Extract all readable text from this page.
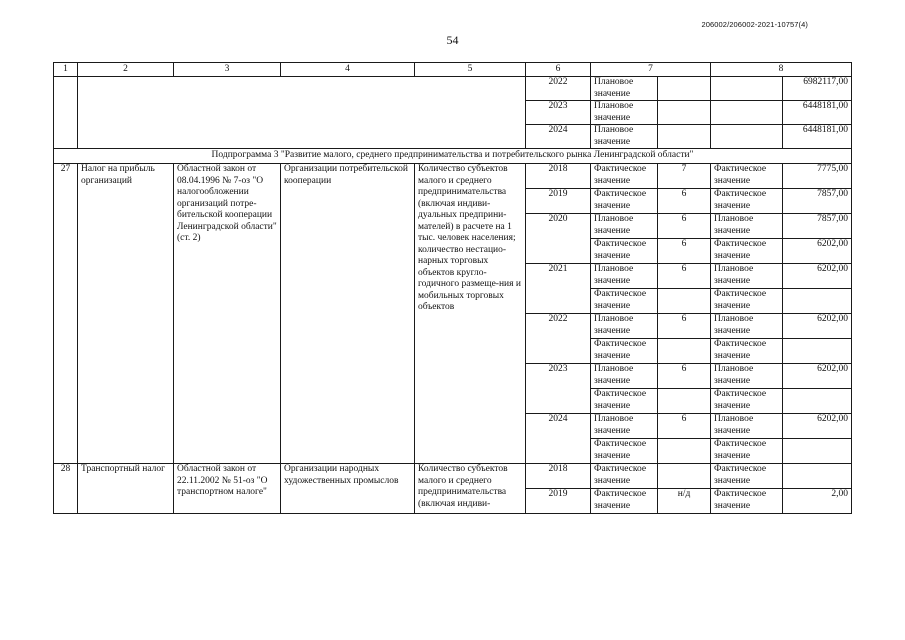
206002/206002-2021-10757(4)
54
1	2	3	4	5	6	7		8	
					2022	Плановое значение			6982117,00
					2023	Плановое значение			6448181,00
					2024	Плановое значение			6448181,00
Подпрограмма 3 "Развитие малого, среднего предпринимательства и потребительского рынка Ленинградской области"									
27	Налог на прибыль организаций	Областной закон от 08.04.1996 № 7-оз "О налогообложении организаций потре-бительской кооперации Ленинградской области" (ст. 2)	Организации потребительской кооперации	Количество субъектов малого и среднего предпринимательства (включая индиви-дуальных предприни-мателей) в расчете на 1 тыс. человек населения; количество нестацио-нарных торговых объектов кругло-годичного размеще-ния и мобильных торговых объектов	2018	Фактическое значение	7	Фактическое значение	7775,00
					2019	Фактическое значение	6	Фактическое значение	7857,00
					2020	Плановое значение	6	Плановое значение	7857,00
						Фактическое значение	6	Фактическое значение	6202,00
					2021	Плановое значение	6	Плановое значение	6202,00
						Фактическое значение		Фактическое значение	
					2022	Плановое значение	6	Плановое значение	6202,00
						Фактическое значение		Фактическое значение	
					2023	Плановое значение	6	Плановое значение	6202,00
						Фактическое значение		Фактическое значение	
					2024	Плановое значение	6	Плановое значение	6202,00
						Фактическое значение		Фактическое значение	
28	Транспортный налог	Областной закон от 22.11.2002 № 51-оз "О транспортном налоге"	Организации народных художественных промыслов	Количество субъектов малого и среднего предпринимательства (включая индиви-	2018	Фактическое значение		Фактическое значение	
					2019	Фактическое значение	н/д	Фактическое значение	2,00
